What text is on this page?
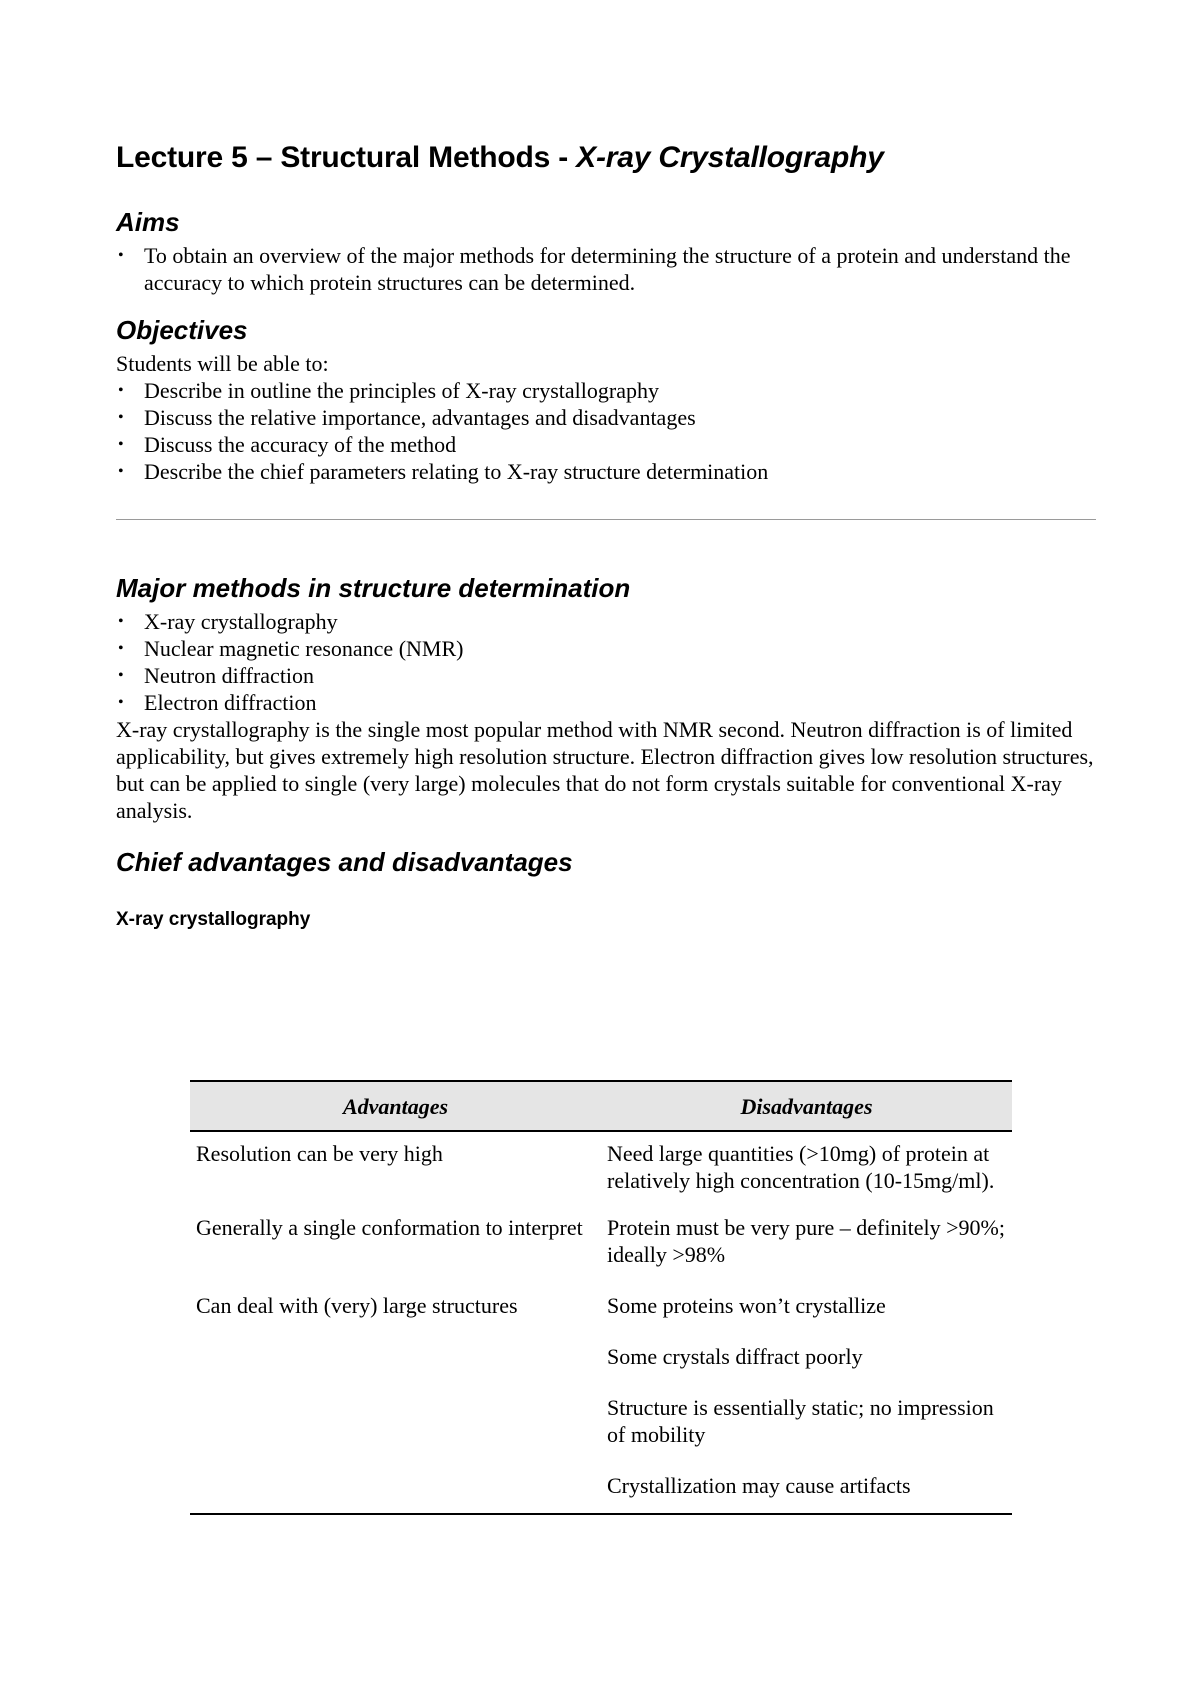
Lecture 5 – Structural Methods - X-ray Crystallography
Aims
• To obtain an overview of the major methods for determining the structure of a protein and understand the accuracy to which protein structures can be determined.
Objectives

Students will be able to:

• Describe in outline the principles of X-ray crystallography
• Discuss the relative importance, advantages and disadvantages
• Discuss the accuracy of the method
• Describe the chief parameters relating to X-ray structure determination
Major methods in structure determination
• X-ray crystallography
• Nuclear magnetic resonance (NMR)
• Neutron diffraction
• Electron diffraction

X-ray crystallography is the single most popular method with NMR second. Neutron diffraction is of limited applicability, but gives extremely high resolution structure. Electron diffraction gives low resolution structures, but can be applied to single (very large) molecules that do not form crystals suitable for conventional X-ray analysis.

Chief advantages and disadvantages
X-ray crystallography
Advantages	Disadvantages
Resolution can be very high	Need large quantities (>10mg) of protein at relatively high concentration (10-15mg/ml).
Generally a single conformation to interpret	Protein must be very pure – definitely >90%; ideally >98%
Can deal with (very) large structures	Some proteins won’t crystallize
	Some crystals diffract poorly
	Structure is essentially static; no impression of mobility
	Crystallization may cause artifacts
